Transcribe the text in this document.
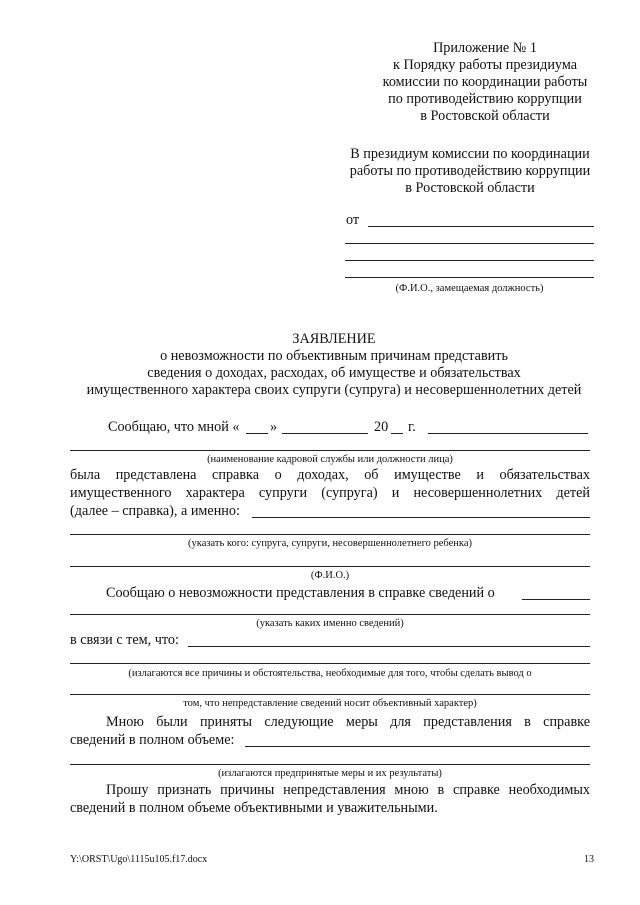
Приложение № 1
к Порядку работы президиума
комиссии по координации работы
по противодействию коррупции
в Ростовской области
В президиум комиссии по координации
работы по противодействию коррупции
в Ростовской области
от
(Ф.И.О., замещаемая должность)
ЗАЯВЛЕНИЕ
о невозможности по объективным причинам представить
сведения о доходах, расходах, об имуществе и обязательствах
имущественного характера своих супруги (супруга) и несовершеннолетних детей
Сообщаю, что мной « »	20 г.
(наименование кадровой службы или должности лица)
была представлена справка о доходах, об имуществе и обязательствах
имущественного характера супруги (супруга) и несовершеннолетних детей
(далее – справка), а именно:
(указать кого: супруга, супруги, несовершеннолетнего ребенка)
(Ф.И.О.)
Сообщаю о невозможности представления в справке сведений о
(указать каких именно сведений)
в связи с тем, что:
(излагаются все причины и обстоятельства, необходимые для того, чтобы сделать вывод о
том, что непредставление сведений носит объективный характер)
Мною были приняты следующие меры для представления в справке
сведений в полном объеме:
(излагаются предпринятые меры и их результаты)
Прошу признать причины непредставления мною в справке необходимых
сведений в полном объеме объективными и уважительными.
Y:\ORST\Ugo\1115u105.f17.docx	13
